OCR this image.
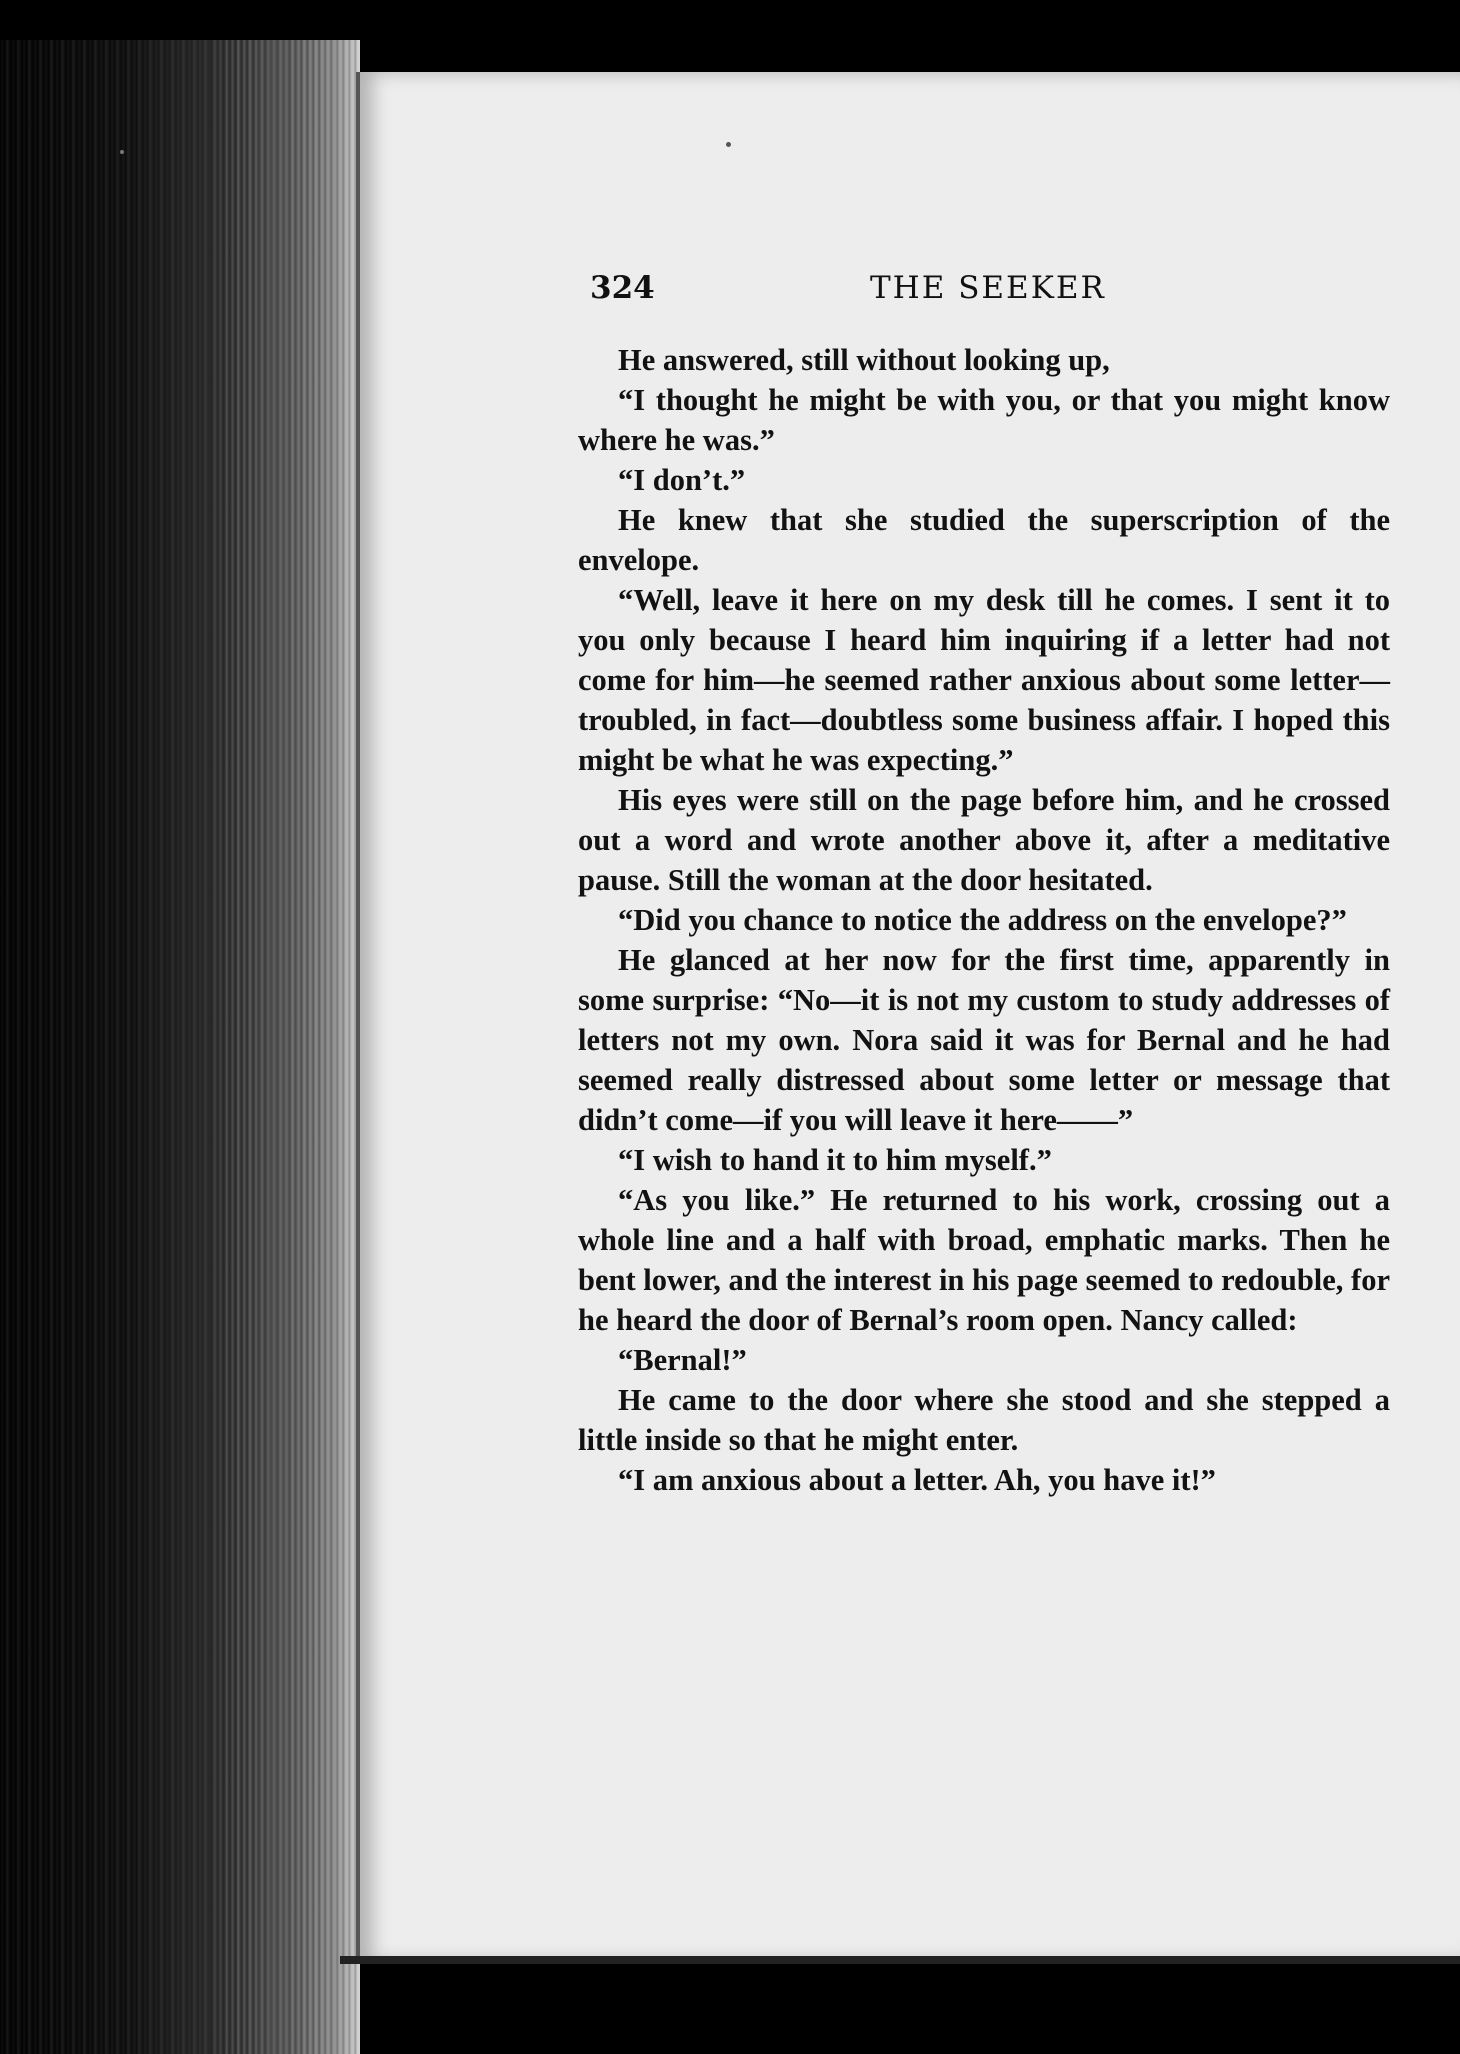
324	THE SEEKER

He answered, still without looking up,

“I thought he might be with you, or that you might know where he was.”

“I don’t.”

He knew that she studied the superscription of the envelope.

“Well, leave it here on my desk till he comes. I sent it to you only because I heard him inquiring if a letter had not come for him—he seemed rather anxious about some letter—troubled, in fact—doubtless some business affair. I hoped this might be what he was expecting.”

His eyes were still on the page before him, and he crossed out a word and wrote another above it, after a meditative pause. Still the woman at the door hesitated.

“Did you chance to notice the address on the envelope?”

He glanced at her now for the first time, apparently in some surprise: “No—it is not my custom to study addresses of letters not my own. Nora said it was for Bernal and he had seemed really distressed about some letter or message that didn’t come—if you will leave it here——”

“I wish to hand it to him myself.”

“As you like.” He returned to his work, crossing out a whole line and a half with broad, emphatic marks. Then he bent lower, and the interest in his page seemed to redouble, for he heard the door of Bernal’s room open. Nancy called:

“Bernal!”

He came to the door where she stood and she stepped a little inside so that he might enter.

“I am anxious about a letter. Ah, you have it!”
